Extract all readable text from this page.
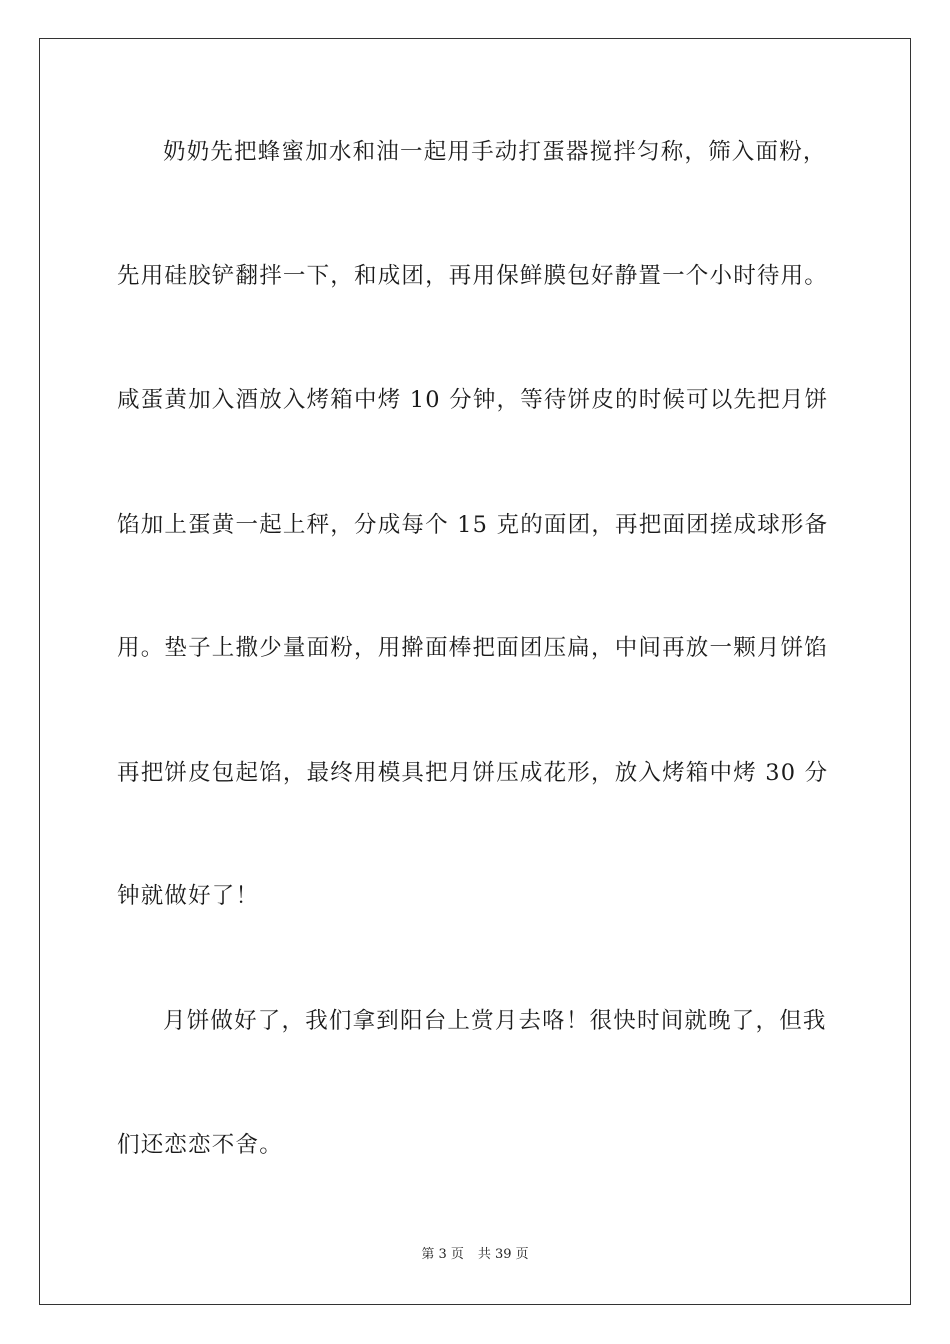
奶奶先把蜂蜜加水和油一起用手动打蛋器搅拌匀称，筛入面粉，
先用硅胶铲翻拌一下，和成团，再用保鲜膜包好静置一个小时待用。
咸蛋黄加入酒放入烤箱中烤 10 分钟，等待饼皮的时候可以先把月饼
馅加上蛋黄一起上秤，分成每个 15 克的面团，再把面团搓成球形备
用。垫子上撒少量面粉，用擀面棒把面团压扁，中间再放一颗月饼馅
再把饼皮包起馅，最终用模具把月饼压成花形，放入烤箱中烤 30 分
钟就做好了！
月饼做好了，我们拿到阳台上赏月去咯！很快时间就晚了，但我
们还恋恋不舍。
第 3 页 共 39 页
